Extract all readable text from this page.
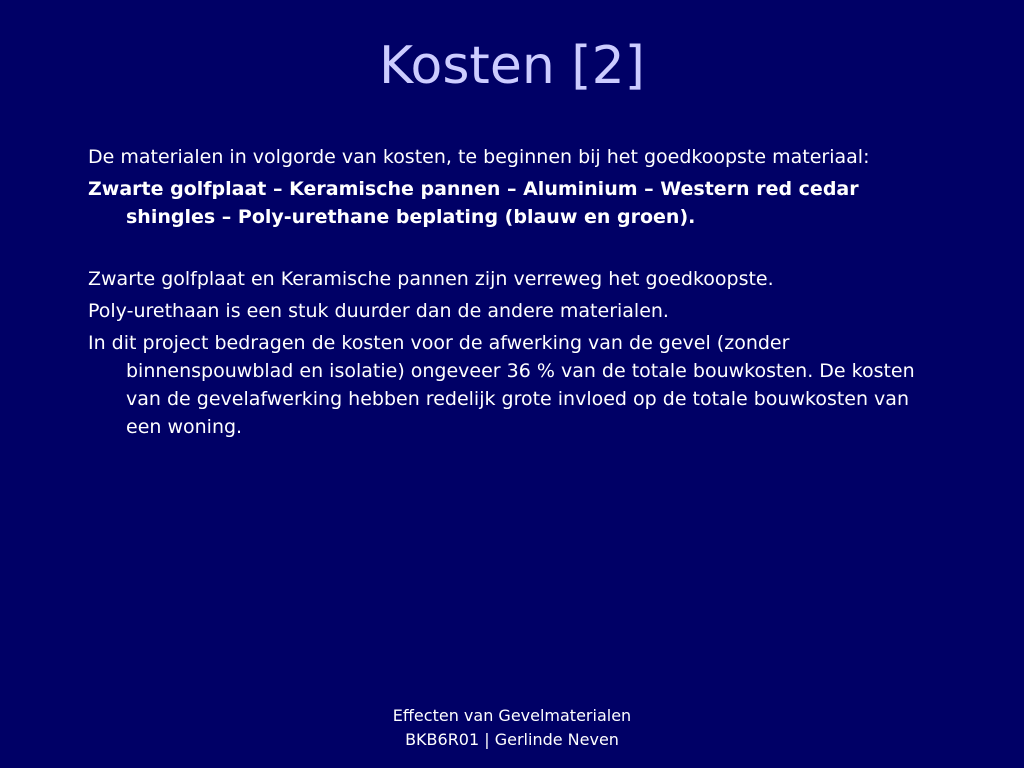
Kosten [2]

De materialen in volgorde van kosten, te beginnen bij het goedkoopste materiaal:

Zwarte golfplaat – Keramische pannen – Aluminium – Western red cedar shingles – Poly-urethane beplating (blauw en groen).

Zwarte golfplaat en Keramische pannen zijn verreweg het goedkoopste.

Poly-urethaan is een stuk duurder dan de andere materialen.

In dit project bedragen de kosten voor de afwerking van de gevel (zonder binnenspouwblad en isolatie) ongeveer 36 % van de totale bouwkosten. De kosten van de gevelafwerking hebben redelijk grote invloed op de totale bouwkosten van een woning.

Effecten van Gevelmaterialen
BKB6R01 | Gerlinde Neven
